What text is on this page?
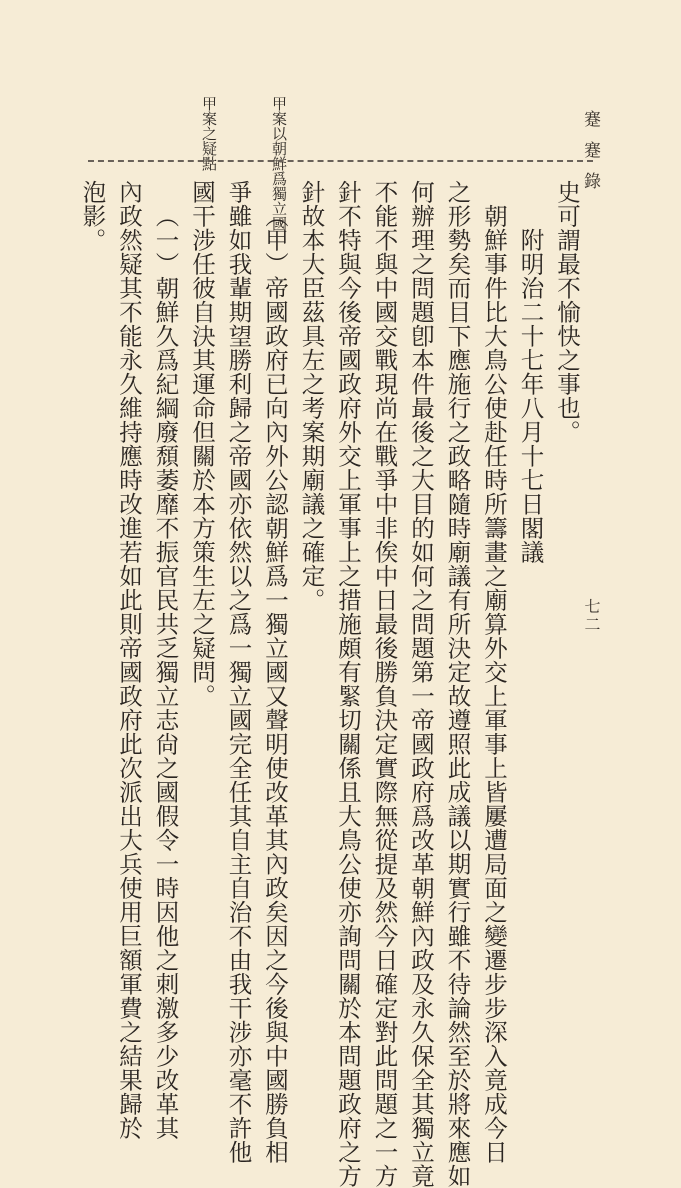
蹇蹇錄
七二
甲案以朝鮮爲獨立國
甲案之疑點
史可謂最不愉快之事也。
附明治二十七年八月十七日閣議
朝鮮事件比大鳥公使赴任時所籌畫之廟算外交上軍事上皆屢遭局面之變遷步步深入竟成今日
之形勢矣而目下應施行之政略隨時廟議有所決定故遵照此成議以期實行雖不待論然至於將來應如
何辦理之問題卽本件最後之大目的如何之問題第一帝國政府爲改革朝鮮內政及永久保全其獨立竟
不能不與中國交戰現尚在戰爭中非俟中日最後勝負決定實際無從提及然今日確定對此問題之一方
針不特與今後帝國政府外交上軍事上之措施頗有緊切關係且大鳥公使亦詢問關於本問題政府之方
針故本大臣茲具左之考案期廟議之確定。
（甲）帝國政府已向內外公認朝鮮爲一獨立國又聲明使改革其內政矣因之今後與中國勝負相
爭雖如我輩期望勝利歸之帝國亦依然以之爲一獨立國完全任其自主自治不由我干涉亦毫不許他
國干涉任彼自決其運命但關於本方策生左之疑問。
（一）朝鮮久爲紀綱廢頹萎靡不振官民共乏獨立志尙之國假令一時因他之刺激多少改革其
內政然疑其不能永久維持應時改進若如此則帝國政府此次派出大兵使用巨額軍費之結果歸於
泡影。
